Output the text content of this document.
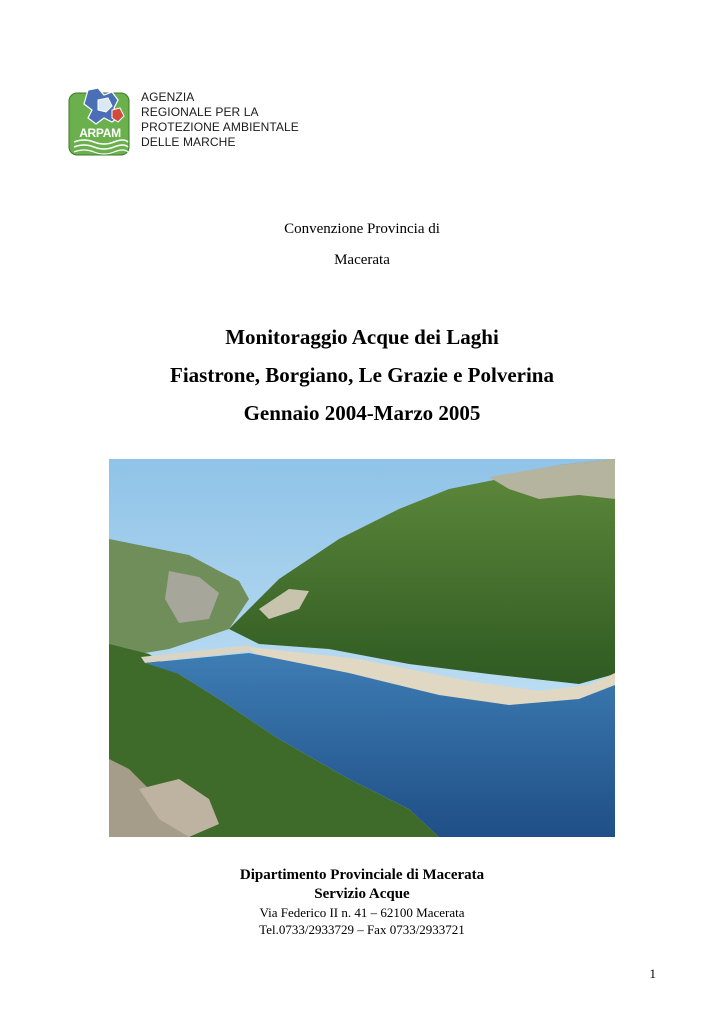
ARPAM
AGENZIA
REGIONALE PER LA
PROTEZIONE AMBIENTALE
DELLE MARCHE
Convenzione Provincia di
Macerata
Monitoraggio Acque dei Laghi
Fiastrone, Borgiano, Le Grazie e Polverina
Gennaio 2004-Marzo 2005
Dipartimento Provinciale di Macerata
Servizio Acque
Via Federico II n. 41 – 62100 Macerata
Tel.0733/2933729 – Fax 0733/2933721
1
